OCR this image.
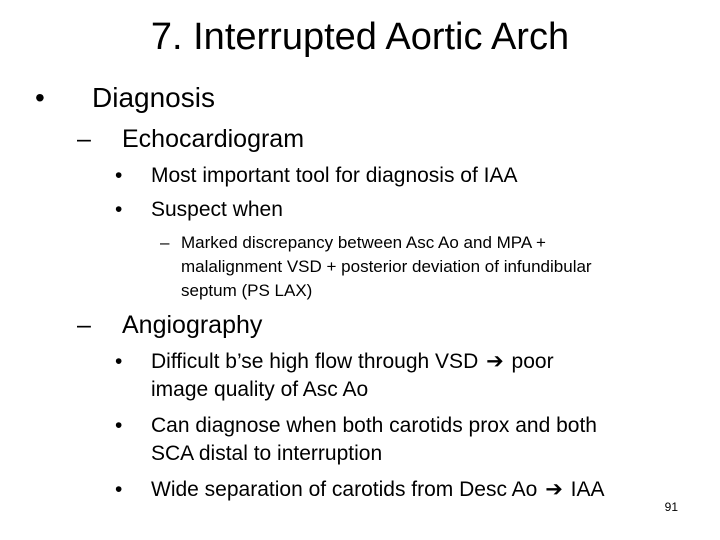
7. Interrupted Aortic Arch
• Diagnosis
– Echocardiogram
• Most important tool for diagnosis of IAA
• Suspect when
– Marked discrepancy between Asc Ao and MPA +
malalignment VSD + posterior deviation of infundibular
septum (PS LAX)
– Angiography
• Difficult b’se high flow through VSD ➔ poor
image quality of Asc Ao
• Can diagnose when both carotids prox and both
SCA distal to interruption
• Wide separation of carotids from Desc Ao ➔ IAA
91
